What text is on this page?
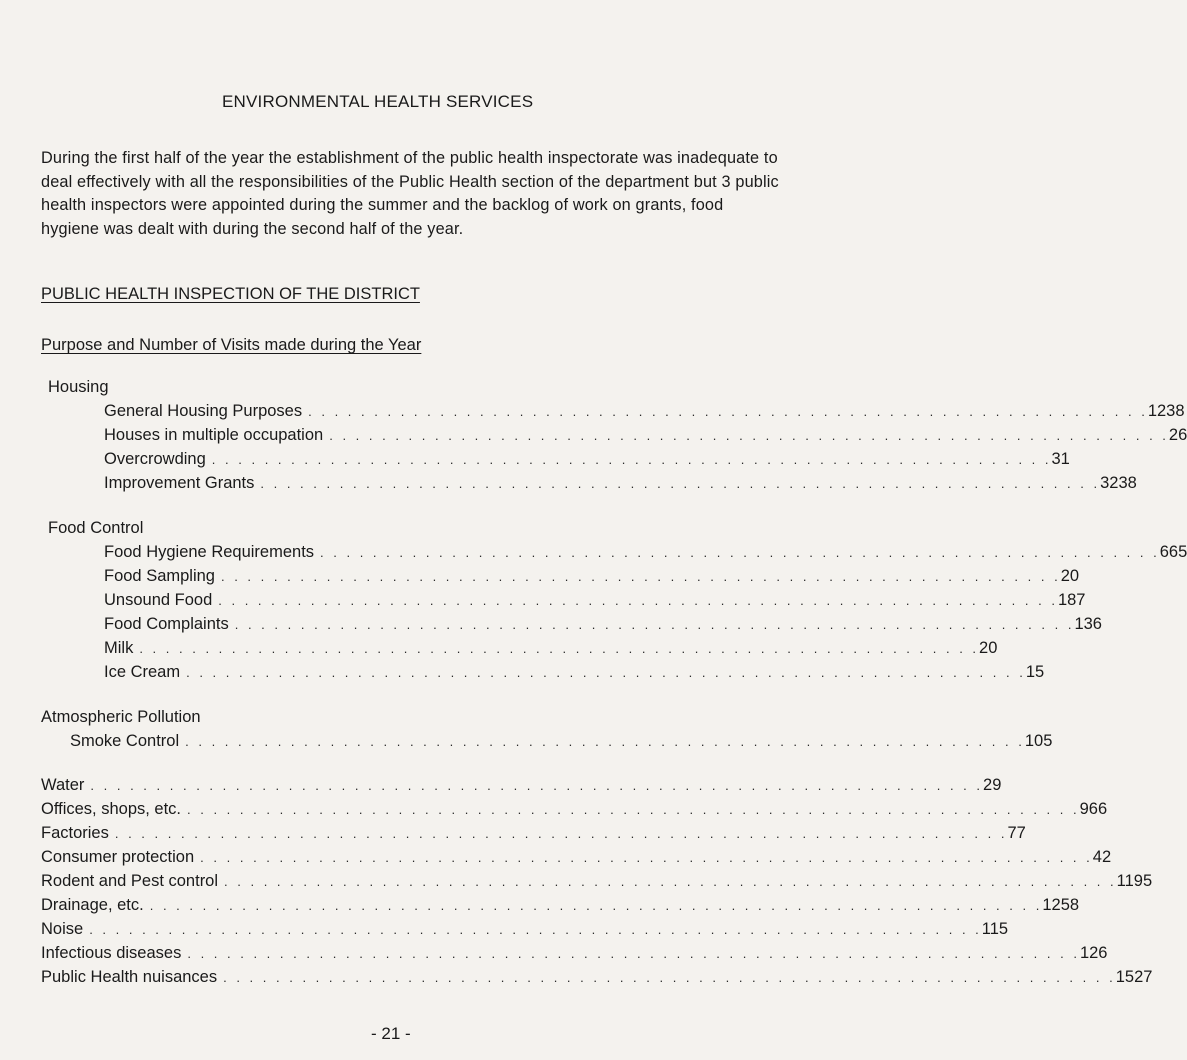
ENVIRONMENTAL HEALTH SERVICES
During the first half of the year the establishment of the public health inspectorate was inadequate to deal effectively with all the responsibilities of the Public Health section of the department but 3 public health inspectors were appointed during the summer and the backlog of work on grants, food hygiene was dealt with during the second half of the year.
PUBLIC HEALTH INSPECTION OF THE DISTRICT
Purpose and Number of Visits made during the Year
Housing
General Housing Purposes . . . . . . . . . . . . . . . . . . . . . . . . . . . . . . . . . . . . . . . . . . . . . . . . . . . . . . . . . . . . . . . . 1238
Houses in multiple occupation . . . . . . . . . . . . . . . . . . . . . . . . . . . . . . . . . . . . . . . . . . . . . . . . . . . . . . . . . . . . . . . . 26
Overcrowding . . . . . . . . . . . . . . . . . . . . . . . . . . . . . . . . . . . . . . . . . . . . . . . . . . . . . . . . . . . . . . . . 31
Improvement Grants . . . . . . . . . . . . . . . . . . . . . . . . . . . . . . . . . . . . . . . . . . . . . . . . . . . . . . . . . . . . . . . . 3238
Food Control
Food Hygiene Requirements . . . . . . . . . . . . . . . . . . . . . . . . . . . . . . . . . . . . . . . . . . . . . . . . . . . . . . . . . . . . . . . . 665
Food Sampling . . . . . . . . . . . . . . . . . . . . . . . . . . . . . . . . . . . . . . . . . . . . . . . . . . . . . . . . . . . . . . . . 20
Unsound Food . . . . . . . . . . . . . . . . . . . . . . . . . . . . . . . . . . . . . . . . . . . . . . . . . . . . . . . . . . . . . . . . 187
Food Complaints . . . . . . . . . . . . . . . . . . . . . . . . . . . . . . . . . . . . . . . . . . . . . . . . . . . . . . . . . . . . . . . . 136
Milk . . . . . . . . . . . . . . . . . . . . . . . . . . . . . . . . . . . . . . . . . . . . . . . . . . . . . . . . . . . . . . . . 20
Ice Cream . . . . . . . . . . . . . . . . . . . . . . . . . . . . . . . . . . . . . . . . . . . . . . . . . . . . . . . . . . . . . . . . 15
Atmospheric Pollution
Smoke Control . . . . . . . . . . . . . . . . . . . . . . . . . . . . . . . . . . . . . . . . . . . . . . . . . . . . . . . . . . . . . . . . 105
Water . . . . . . . . . . . . . . . . . . . . . . . . . . . . . . . . . . . . . . . . . . . . . . . . . . . . . . . . . . . . . . . . . . . . 29
Offices, shops, etc. . . . . . . . . . . . . . . . . . . . . . . . . . . . . . . . . . . . . . . . . . . . . . . . . . . . . . . . . . . . . . . . . . . . . 966
Factories . . . . . . . . . . . . . . . . . . . . . . . . . . . . . . . . . . . . . . . . . . . . . . . . . . . . . . . . . . . . . . . . . . . . 77
Consumer protection . . . . . . . . . . . . . . . . . . . . . . . . . . . . . . . . . . . . . . . . . . . . . . . . . . . . . . . . . . . . . . . . . . . . 42
Rodent and Pest control . . . . . . . . . . . . . . . . . . . . . . . . . . . . . . . . . . . . . . . . . . . . . . . . . . . . . . . . . . . . . . . . . . . . 1195
Drainage, etc. . . . . . . . . . . . . . . . . . . . . . . . . . . . . . . . . . . . . . . . . . . . . . . . . . . . . . . . . . . . . . . . . . . . . 1258
Noise . . . . . . . . . . . . . . . . . . . . . . . . . . . . . . . . . . . . . . . . . . . . . . . . . . . . . . . . . . . . . . . . . . . . 115
Infectious diseases . . . . . . . . . . . . . . . . . . . . . . . . . . . . . . . . . . . . . . . . . . . . . . . . . . . . . . . . . . . . . . . . . . . . 126
Public Health nuisances . . . . . . . . . . . . . . . . . . . . . . . . . . . . . . . . . . . . . . . . . . . . . . . . . . . . . . . . . . . . . . . . . . . . 1527
- 21 -
